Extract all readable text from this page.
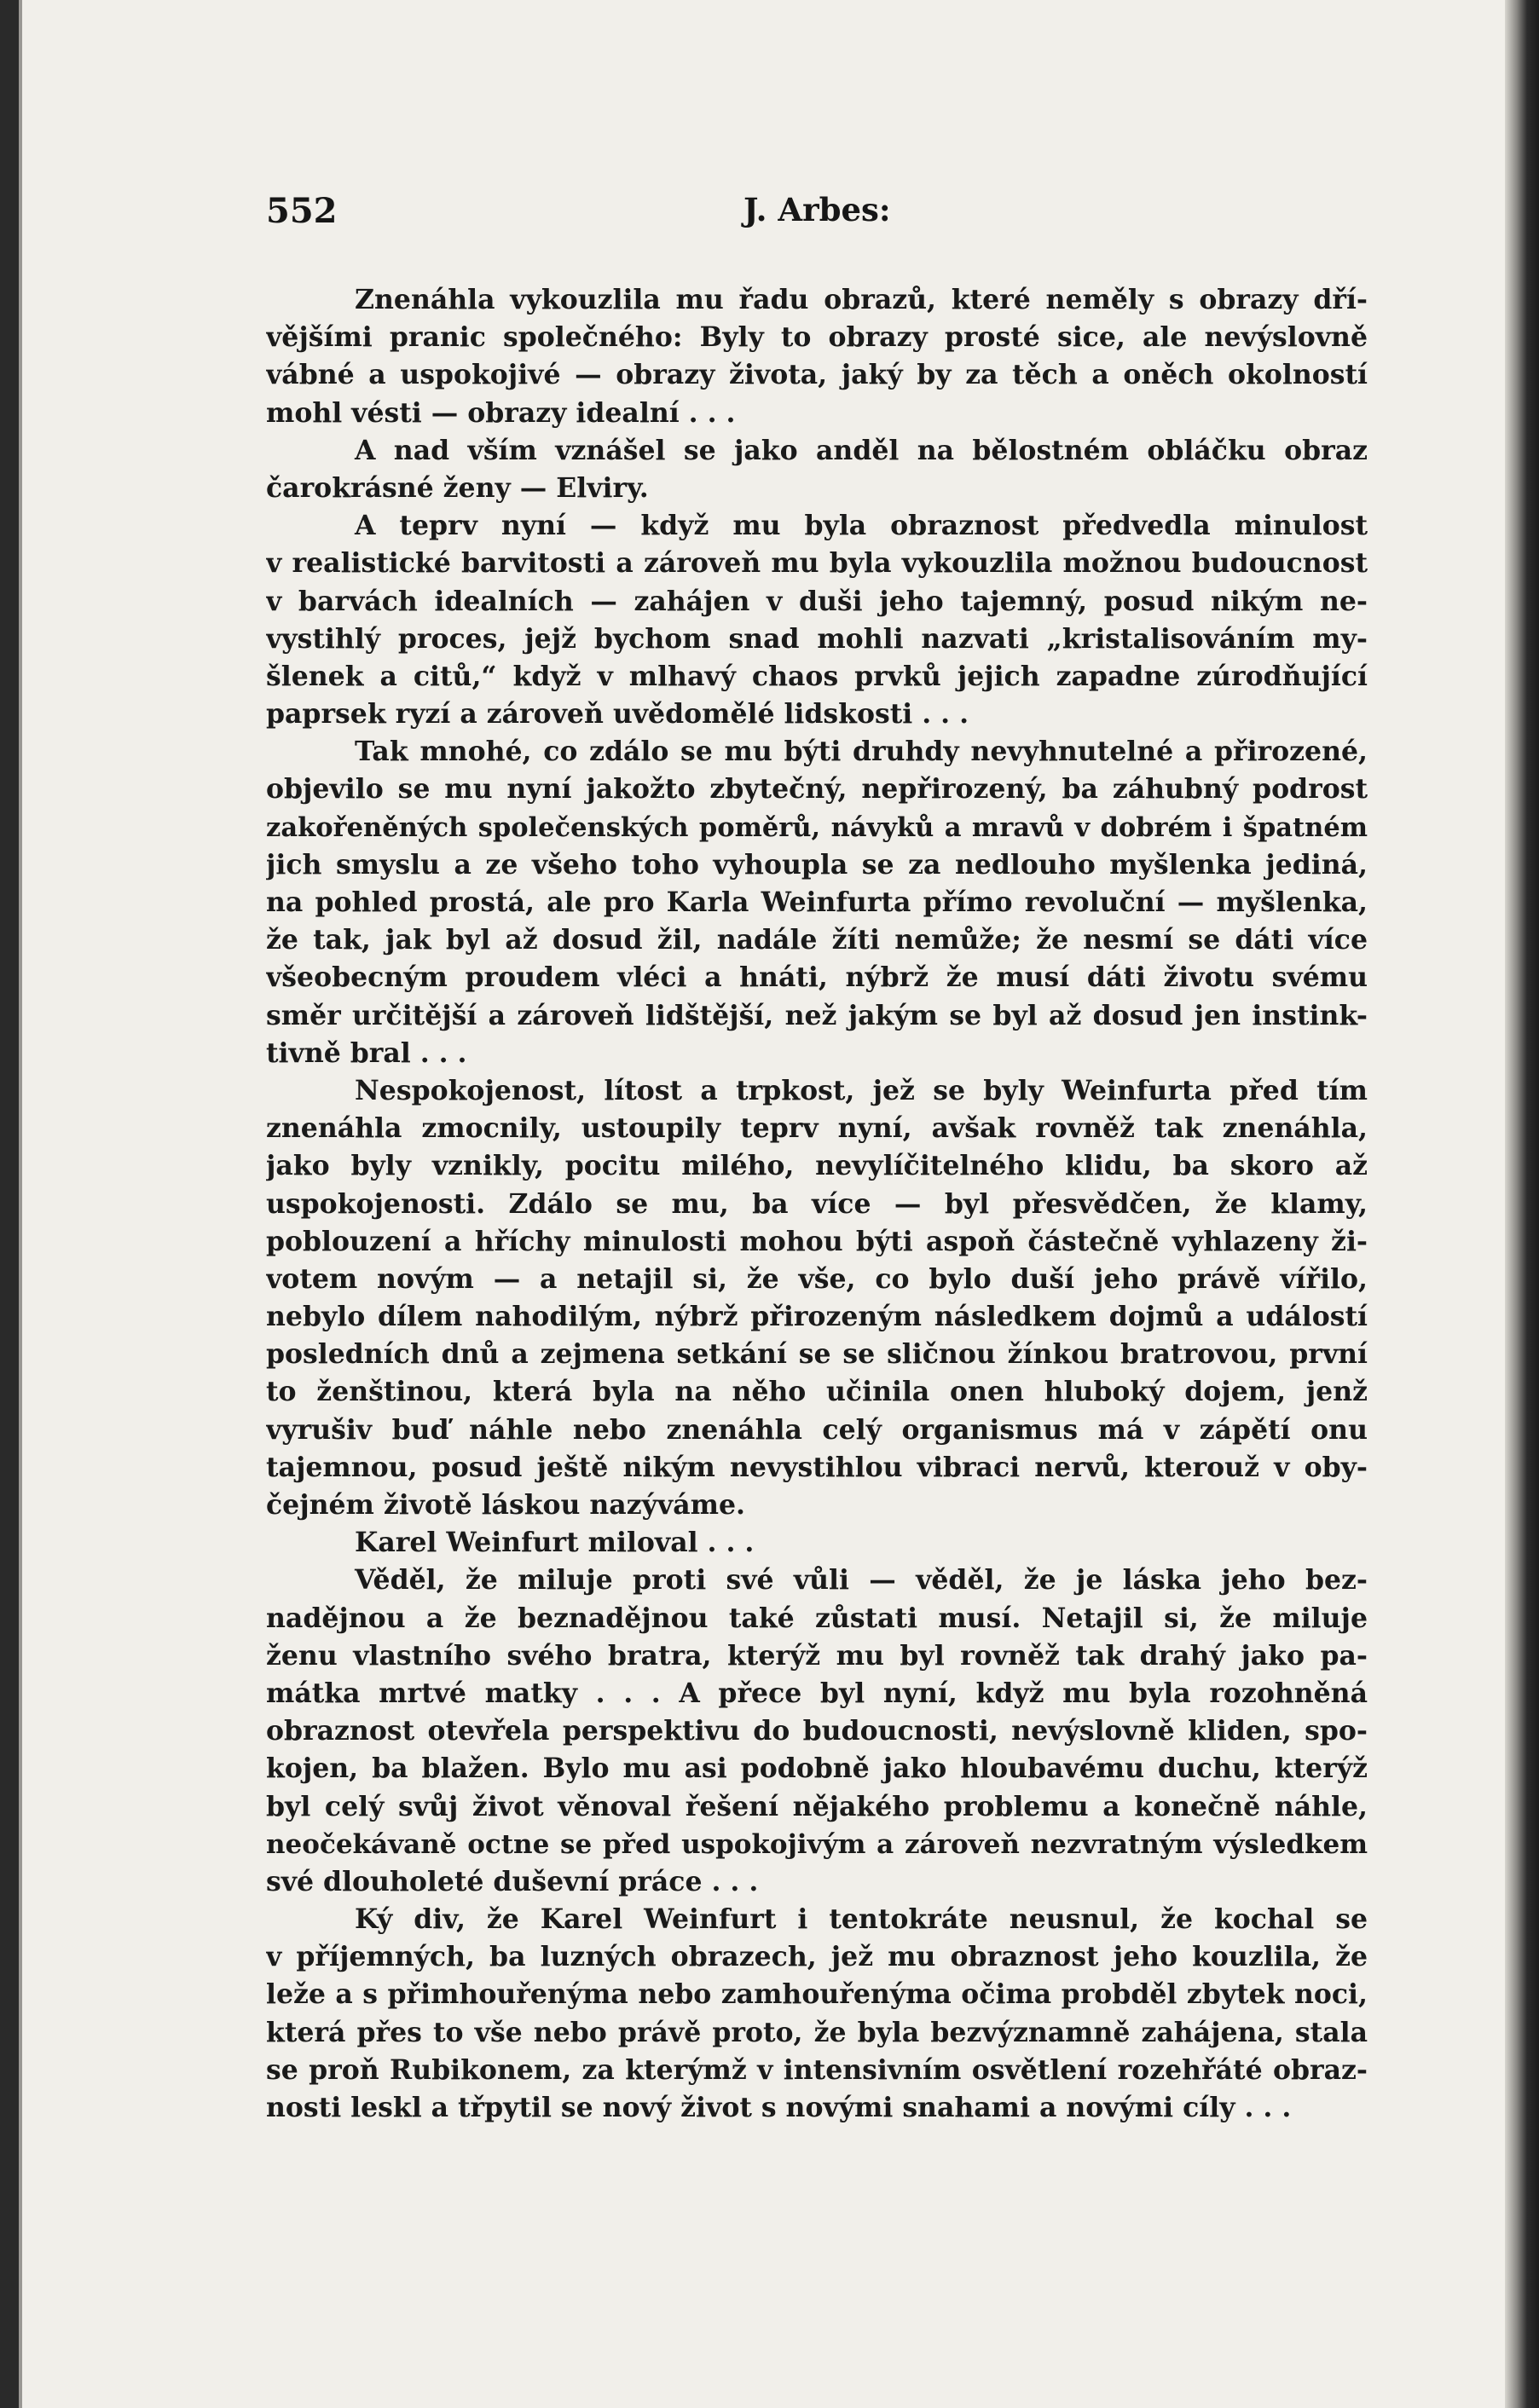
552	J. Arbes:
Znenáhla vykouzlila mu řadu obrazů, které neměly s obrazy dří-
vějšími pranic společného: Byly to obrazy prosté sice, ale nevýslovně
vábné a uspokojivé — obrazy života, jaký by za těch a oněch okolností
mohl vésti — obrazy idealní . . .
A nad vším vznášel se jako anděl na bělostném obláčku obraz
čarokrásné ženy — Elviry.
A teprv nyní — když mu byla obraznost předvedla minulost
v realistické barvitosti a zároveň mu byla vykouzlila možnou budoucnost
v barvách idealních — zahájen v duši jeho tajemný, posud nikým ne-
vystihlý proces, jejž bychom snad mohli nazvati „kristalisováním my-
šlenek a citů,“ když v mlhavý chaos prvků jejich zapadne zúrodňující
paprsek ryzí a zároveň uvědomělé lidskosti . . .
Tak mnohé, co zdálo se mu býti druhdy nevyhnutelné a přirozené,
objevilo se mu nyní jakožto zbytečný, nepřirozený, ba záhubný podrost
zakořeněných společenských poměrů, návyků a mravů v dobrém i špatném
jich smyslu a ze všeho toho vyhoupla se za nedlouho myšlenka jediná,
na pohled prostá, ale pro Karla Weinfurta přímo revoluční — myšlenka,
že tak, jak byl až dosud žil, nadále žíti nemůže; že nesmí se dáti více
všeobecným proudem vléci a hnáti, nýbrž že musí dáti životu svému
směr určitější a zároveň lidštější, než jakým se byl až dosud jen instink-
tivně bral . . .
Nespokojenost, lítost a trpkost, jež se byly Weinfurta před tím
znenáhla zmocnily, ustoupily teprv nyní, avšak rovněž tak znenáhla,
jako byly vznikly, pocitu milého, nevylíčitelného klidu, ba skoro až
uspokojenosti. Zdálo se mu, ba více — byl přesvědčen, že klamy,
poblouzení a hříchy minulosti mohou býti aspoň částečně vyhlazeny ži-
votem novým — a netajil si, že vše, co bylo duší jeho právě vířilo,
nebylo dílem nahodilým, nýbrž přirozeným následkem dojmů a událostí
posledních dnů a zejmena setkání se se sličnou žínkou bratrovou, první
to ženštinou, která byla na něho učinila onen hluboký dojem, jenž
vyrušiv buď náhle nebo znenáhla celý organismus má v zápětí onu
tajemnou, posud ještě nikým nevystihlou vibraci nervů, kterouž v oby-
čejném životě láskou nazýváme.
Karel Weinfurt miloval . . .
Věděl, že miluje proti své vůli — věděl, že je láska jeho bez-
nadějnou a že beznadějnou také zůstati musí. Netajil si, že miluje
ženu vlastního svého bratra, kterýž mu byl rovněž tak drahý jako pa-
mátka mrtvé matky . . . A přece byl nyní, když mu byla rozohněná
obraznost otevřela perspektivu do budoucnosti, nevýslovně kliden, spo-
kojen, ba blažen. Bylo mu asi podobně jako hloubavému duchu, kterýž
byl celý svůj život věnoval řešení nějakého problemu a konečně náhle,
neočekávaně octne se před uspokojivým a zároveň nezvratným výsledkem
své dlouholeté duševní práce . . .
Ký div, že Karel Weinfurt i tentokráte neusnul, že kochal se
v příjemných, ba luzných obrazech, jež mu obraznost jeho kouzlila, že
leže a s přimhouřenýma nebo zamhouřenýma očima probděl zbytek noci,
která přes to vše nebo právě proto, že byla bezvýznamně zahájena, stala
se proň Rubikonem, za kterýmž v intensivním osvětlení rozehřáté obraz-
nosti leskl a třpytil se nový život s novými snahami a novými cíly . . .
